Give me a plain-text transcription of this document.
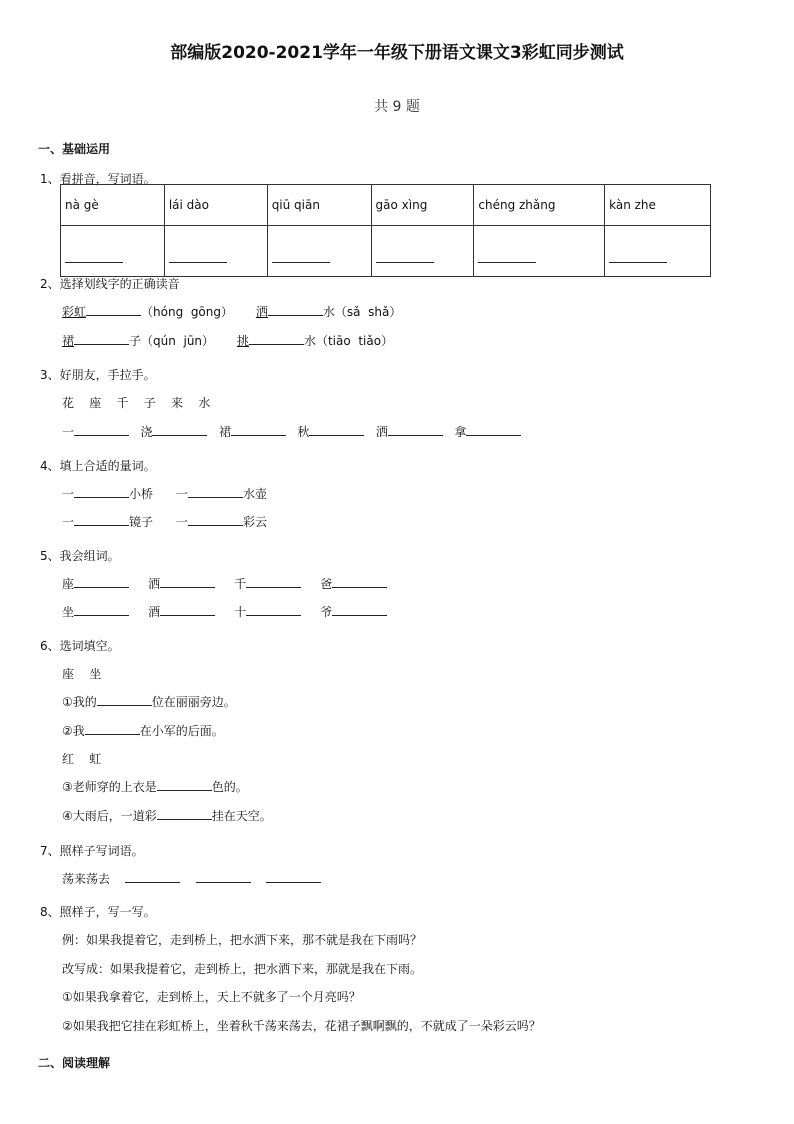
部编版2020-2021学年一年级下册语文课文3彩虹同步测试
共 9 题
一、基础运用
1、看拼音，写词语。
nà gè	lái dào	qiū qiān	gāo xìng	chéng zhǎng	kàn zhe

2、选择划线字的正确读音
彩虹	（hóng  gōng） 洒	水（sǎ  shǎ）
裙	子（qún  jūn） 挑	水（tiāo  tiǎo）
3、好朋友，手拉手。
花    座    千    子    来    水
一	浇	裙	秋	洒	拿
4、填上合适的量词。
一	小桥 一	水壶
一	镜子 一	彩云
5、我会组词。
座	洒	千	爸
坐	酒	十	爷
6、选词填空。
座    坐
①我的	位在丽丽旁边。
②我	在小军的后面。
红    虹
③老师穿的上衣是	色的。
④大雨后，一道彩	挂在天空。
7、照样子写词语。
荡来荡去
8、照样子，写一写。
例：如果我提着它，走到桥上，把水洒下来，那不就是我在下雨吗？
改写成：如果我提着它，走到桥上，把水洒下来，那就是我在下雨。
①如果我拿着它，走到桥上，天上不就多了一个月亮吗？
②如果我把它挂在彩虹桥上，坐着秋千荡来荡去，花裙子飘啊飘的，不就成了一朵彩云吗？
二、阅读理解
